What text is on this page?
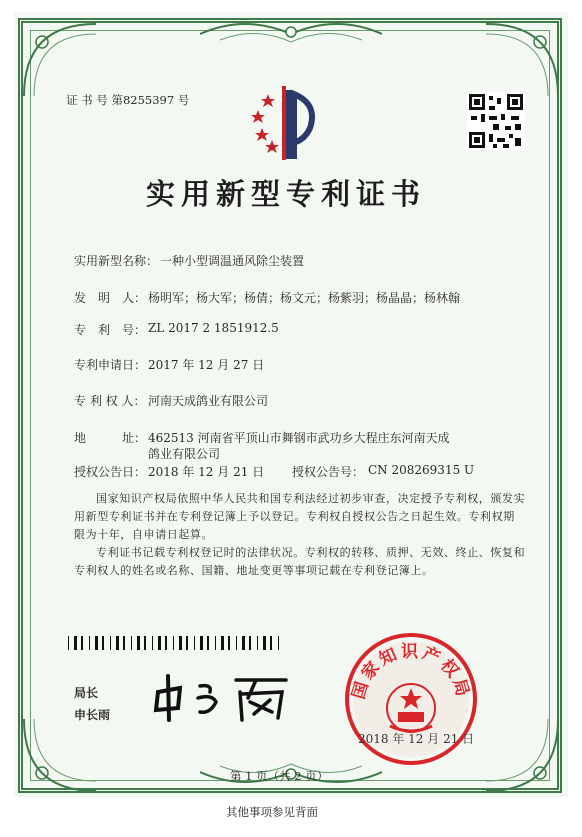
证 书 号 第8255397 号
实用新型专利证书
实用新型名称： 一种小型调温通风除尘装置
发　明　人： 杨明军；杨大军；杨倩；杨文元；杨紫羽；杨晶晶；杨林翰
专　利　号： ZL 2017 2 1851912.5
专利申请日： 2017 年 12 月 27 日
专 利 权 人： 河南天成鸽业有限公司
地　　　址： 462513 河南省平顶山市舞钢市武功乡大程庄东河南天成
鸽业有限公司
授权公告日： 2018 年 12 月 21 日 授权公告号： CN 208269315 U
国家知识产权局依照中华人民共和国专利法经过初步审查，决定授予专利权，颁发实用新型专利证书并在专利登记簿上予以登记。专利权自授权公告之日起生效。专利权期限为十年，自申请日起算。
专利证书记载专利权登记时的法律状况。专利权的转移、质押、无效、终止、恢复和专利权人的姓名或名称、国籍、地址变更等事项记载在专利登记簿上。
局长
申长雨
国家知识产权局
2018 年 12 月 21 日
第 1 页（共 2 页）
其他事项参见背面
